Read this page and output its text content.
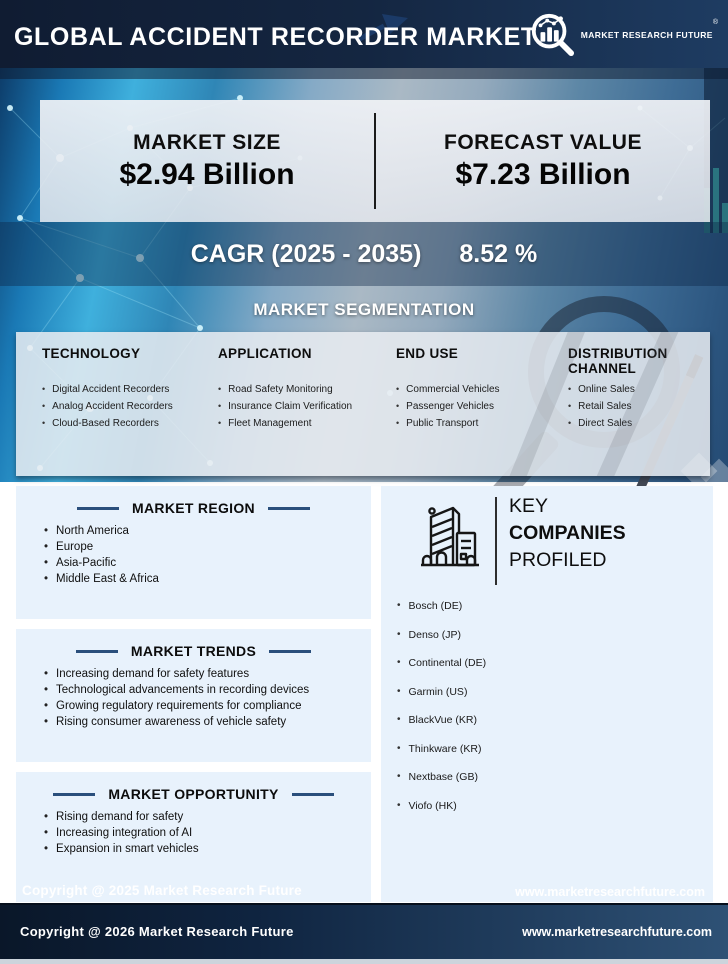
GLOBAL ACCIDENT RECORDER MARKET	MARKET RESEARCH FUTURE®
CAGR (2025 - 2035) 8.52 %
MARKET SEGMENTATION
MARKET SIZE
$2.94 Billion
FORECAST VALUE
$7.23 Billion
TECHNOLOGY
• Digital Accident Recorders
• Analog Accident Recorders
• Cloud-Based Recorders
APPLICATION
• Road Safety Monitoring
• Insurance Claim Verification
• Fleet Management
END USE
• Commercial Vehicles
• Passenger Vehicles
• Public Transport
DISTRIBUTION CHANNEL
• Online Sales
• Retail Sales
• Direct Sales
MARKET REGION
• North America
• Europe
• Asia-Pacific
• Middle East & Africa
MARKET TRENDS
• Increasing demand for safety features
• Technological advancements in recording devices
• Growing regulatory requirements for compliance
• Rising consumer awareness of vehicle safety
MARKET OPPORTUNITY
• Rising demand for safety
• Increasing integration of AI
• Expansion in smart vehicles
KEY
COMPANIES
PROFILED
• Bosch (DE)
• Denso (JP)
• Continental (DE)
• Garmin (US)
• BlackVue (KR)
• Thinkware (KR)
• Nextbase (GB)
• Viofo (HK)
Copyright @ 2025 Market Research Future	www.marketresearchfuture.com
Copyright @ 2026 Market Research Future	www.marketresearchfuture.com
